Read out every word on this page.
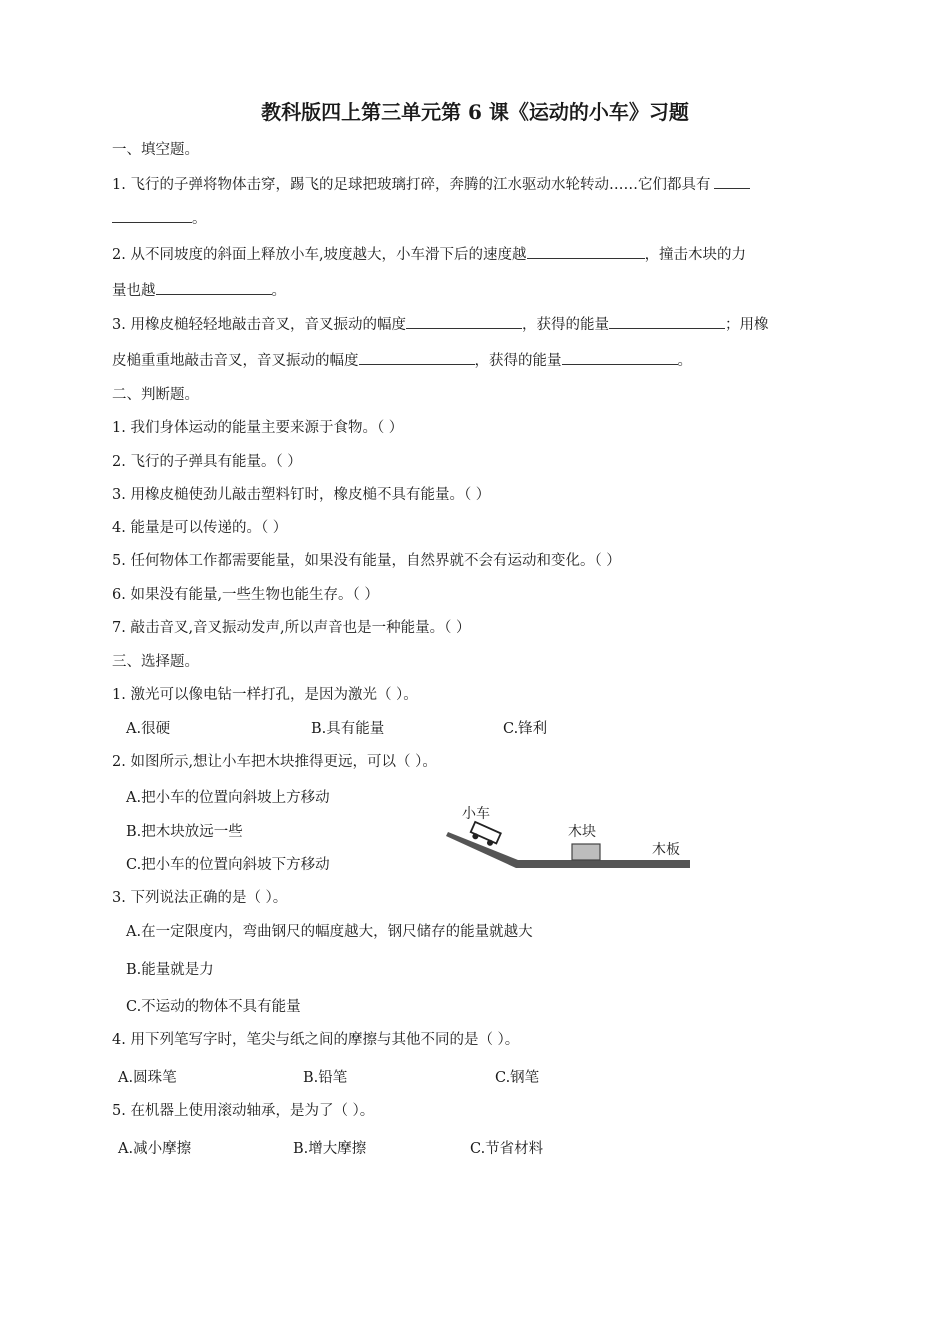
教科版四上第三单元第 6 课《运动的小车》习题
一、填空题。
1. 飞行的子弹将物体击穿，踢飞的足球把玻璃打碎，奔腾的江水驱动水轮转动……它们都具有
。
2. 从不同坡度的斜面上释放小车,坡度越大，小车滑下后的速度越	，撞击木块的力
量也越	。
3. 用橡皮槌轻轻地敲击音叉，音叉振动的幅度	，获得的能量	；用橡
皮槌重重地敲击音叉，音叉振动的幅度	，获得的能量	。
二、判断题。
1. 我们身体运动的能量主要来源于食物。（ ）
2. 飞行的子弹具有能量。（ ）
3. 用橡皮槌使劲儿敲击塑料钉时，橡皮槌不具有能量。（ ）
4. 能量是可以传递的。（ ）
5. 任何物体工作都需要能量，如果没有能量，自然界就不会有运动和变化。（ ）
6. 如果没有能量,一些生物也能生存。（ ）
7. 敲击音叉,音叉振动发声,所以声音也是一种能量。（ ）
三、选择题。
1. 激光可以像电钻一样打孔，是因为激光（ ）。
A.很硬	B.具有能量	C.锋利
2. 如图所示,想让小车把木块推得更远，可以（ ）。
A.把小车的位置向斜坡上方移动
B.把木块放远一些
C.把小车的位置向斜坡下方移动
小车
木块
木板
3. 下列说法正确的是（ ）。
A.在一定限度内，弯曲钢尺的幅度越大，钢尺储存的能量就越大
B.能量就是力
C.不运动的物体不具有能量
4. 用下列笔写字时，笔尖与纸之间的摩擦与其他不同的是（ ）。
A.圆珠笔	B.铅笔	C.钢笔
5. 在机器上使用滚动轴承，是为了（ ）。
A.减小摩擦	B.增大摩擦	C.节省材料
